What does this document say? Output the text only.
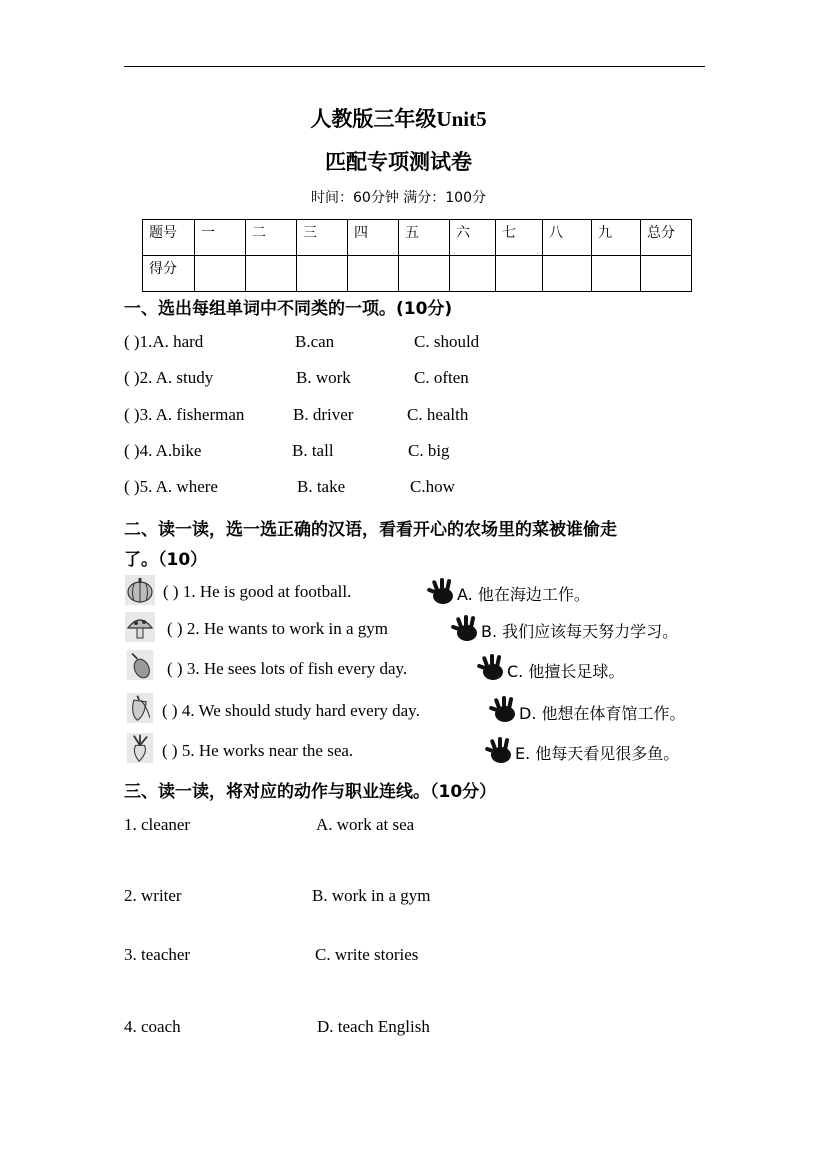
人教版三年级Unit5
匹配专项测试卷
时间：60分钟 满分：100分
题号	一	二	三	四	五	六	七	八	九	总分
得分										
一、选出每组单词中不同类的一项。(10分)
( )1.A. hard	B.can	C. should
( )2. A. study	B. work	C. often
( )3. A. fisherman	B. driver	C. health
( )4. A.bike	B. tall	C. big
( )5. A. where	B. take	C.how
二、读一读，选一选正确的汉语，看看开心的农场里的菜被谁偷走
了。（10）
( ) 1. He is good at football.	A. 他在海边工作。
( ) 2. He wants to work in a gym	B. 我们应该每天努力学习。
( ) 3. He sees lots of fish every day.	C. 他擅长足球。
( ) 4. We should study hard every day.	D. 他想在体育馆工作。
( ) 5. He works near the sea.	E. 他每天看见很多鱼。
三、读一读，将对应的动作与职业连线。（10分）
1. cleaner	A. work at sea
2. writer	B. work in a gym
3. teacher	C. write stories
4. coach	D. teach English
